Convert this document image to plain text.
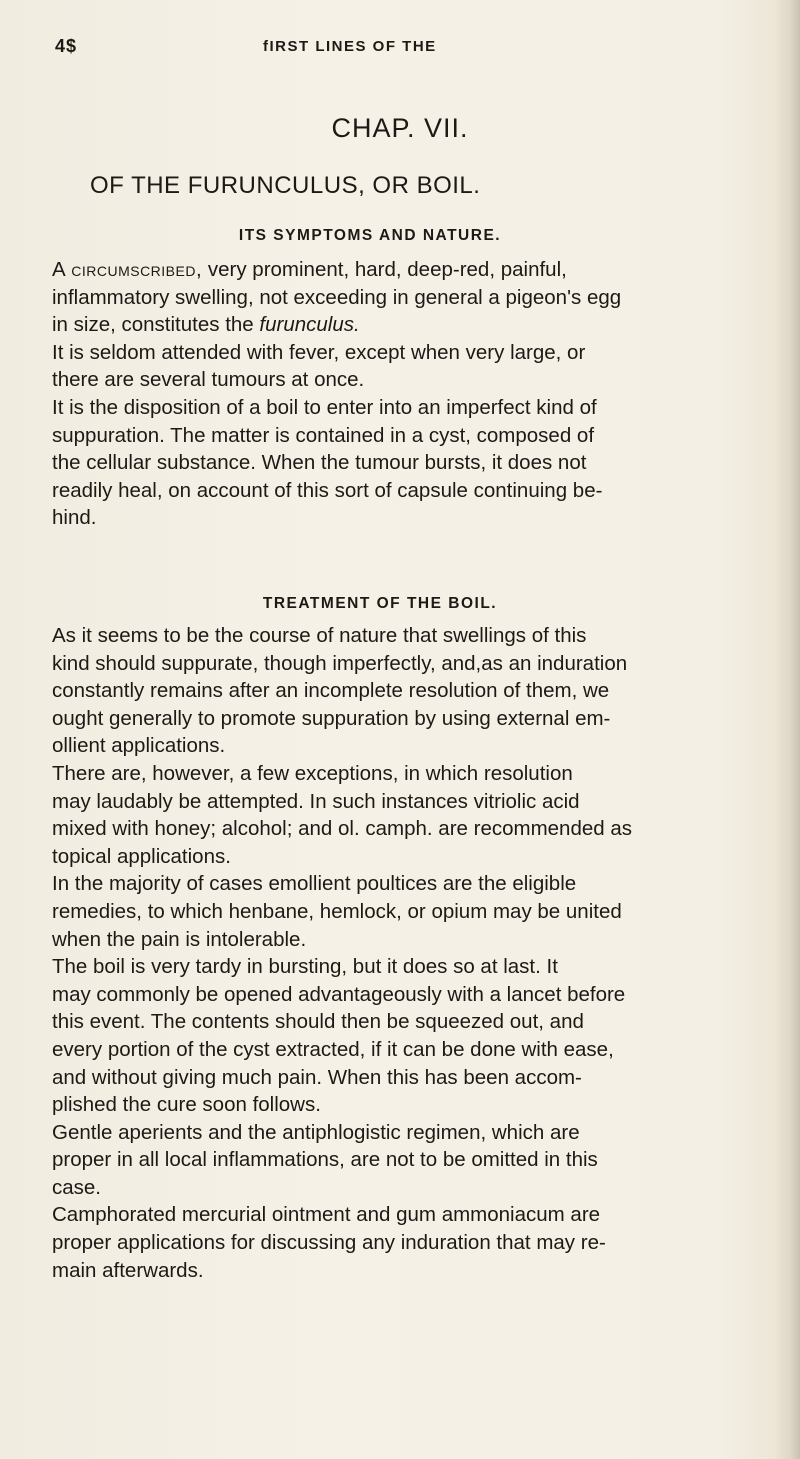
4$	fIRST LINES OF THE
CHAP. VII.
OF THE FURUNCULUS, OR BOIL.
ITS SYMPTOMS AND NATURE.
A circumscribed, very prominent, hard, deep-red, painful,
inflammatory swelling, not exceeding in general a pigeon's egg
in size, constitutes the furunculus.
It is seldom attended with fever, except when very large, or
there are several tumours at once.
It is the disposition of a boil to enter into an imperfect kind of
suppuration. The matter is contained in a cyst, composed of
the cellular substance. When the tumour bursts, it does not
readily heal, on account of this sort of capsule continuing be-
hind.
TREATMENT OF THE BOIL.
As it seems to be the course of nature that swellings of this
kind should suppurate, though imperfectly, and,as an induration
constantly remains after an incomplete resolution of them, we
ought generally to promote suppuration by using external em-
ollient applications.
There are, however, a few exceptions, in which resolution
may laudably be attempted. In such instances vitriolic acid
mixed with honey; alcohol; and ol. camph. are recommended as
topical applications.
In the majority of cases emollient poultices are the eligible
remedies, to which henbane, hemlock, or opium may be united
when the pain is intolerable.
The boil is very tardy in bursting, but it does so at last. It
may commonly be opened advantageously with a lancet before
this event. The contents should then be squeezed out, and
every portion of the cyst extracted, if it can be done with ease,
and without giving much pain. When this has been accom-
plished the cure soon follows.
Gentle aperients and the antiphlogistic regimen, which are
proper in all local inflammations, are not to be omitted in this
case.
Camphorated mercurial ointment and gum ammoniacum are
proper applications for discussing any induration that may re-
main afterwards.
